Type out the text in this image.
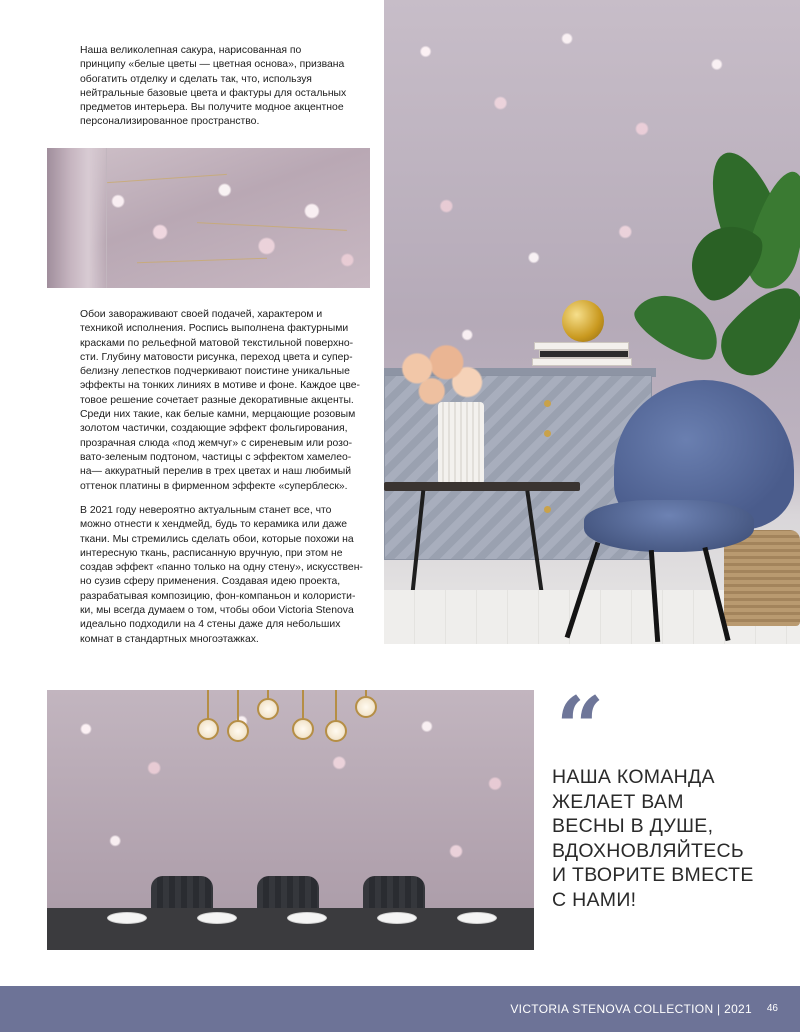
Наша великолепная сакура, нарисованная по
принципу «белые цветы — цветная основа», призвана
обогатить отделку и сделать так, что, используя
нейтральные базовые цвета и фактуры для остальных
предметов интерьера. Вы получите модное акцентное
персонализированное пространство.
Обои завораживают своей подачей, характером и
техникой исполнения. Роспись выполнена фактурными
красками по рельефной матовой текстильной поверхно-
сти. Глубину матовости рисунка, переход цвета и супер-
белизну лепестков подчеркивают поистине уникальные
эффекты на тонких линиях в мотиве и фоне. Каждое цве-
товое решение сочетает разные декоративные акценты.
Среди них такие, как белые камни, мерцающие розовым
золотом частички, создающие эффект фольгирования,
прозрачная слюда «под жемчуг» с сиреневым или розо-
вато-зеленым подтоном, частицы с эффектом хамелео-
на— аккуратный перелив в трех цветах и наш любимый
оттенок платины в фирменном эффекте «суперблеск».
В 2021 году невероятно актуальным станет все, что
можно отнести к хендмейд, будь то керамика или даже
ткани. Мы стремились сделать обои, которые похожи на
интересную ткань, расписанную вручную, при этом не
создав эффект «панно только на одну стену», искусствен-
но сузив сферу применения. Создавая идею проекта,
разрабатывая композицию, фон-компаньон и колористи-
ки, мы всегда думаем о том, чтобы обои Victoria Stenova
идеально подходили на 4 стены даже для небольших
комнат в стандартных многоэтажках.
“
НАША КОМАНДА
ЖЕЛАЕТ ВАМ
ВЕСНЫ В ДУШЕ,
ВДОХНОВЛЯЙТЕСЬ
И ТВОРИТЕ ВМЕСТЕ
С НАМИ!
VICTORIA STENOVA COLLECTION | 2021 46
